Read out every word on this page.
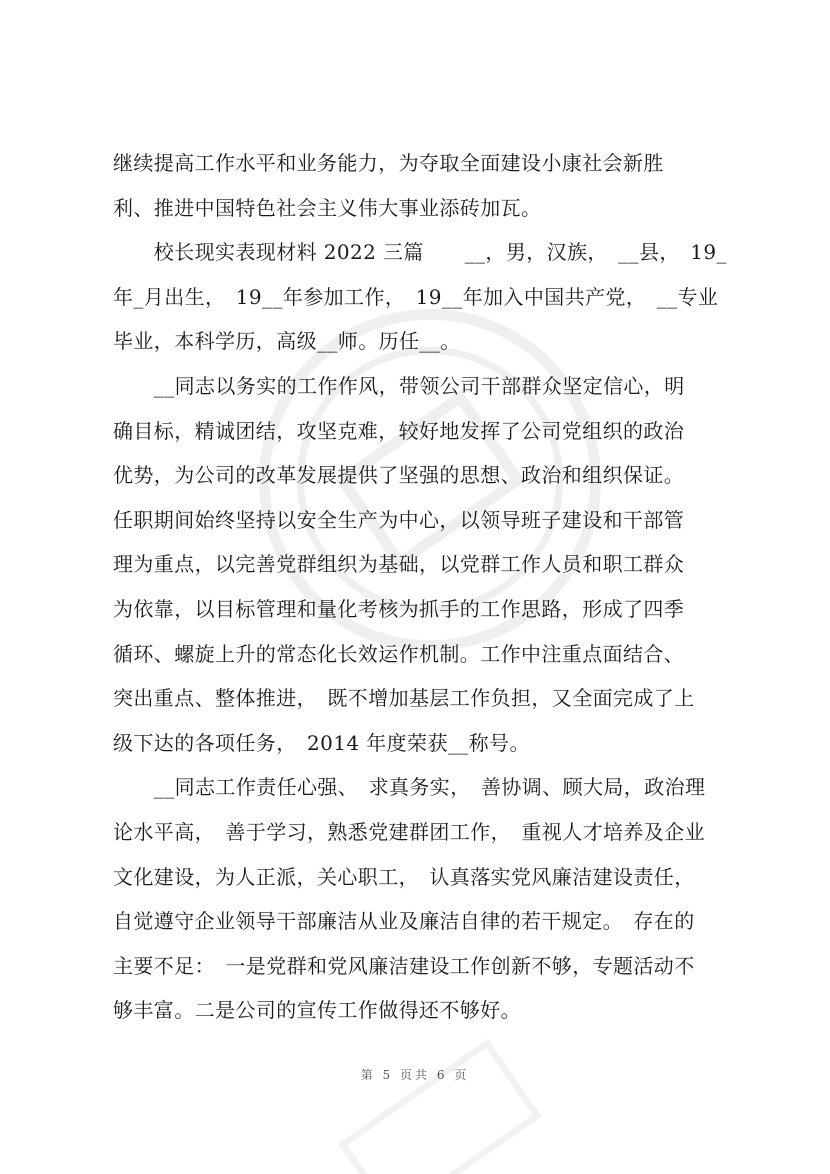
继续提高工作水平和业务能力，为夺取全面建设小康社会新胜
利、推进中国特色社会主义伟大事业添砖加瓦。
　　校长现实表现材料 2022 三篇　　__，男，汉族，　__县，　19_
年_月出生，　19__年参加工作，　19__年加入中国共产党，　__专业
毕业，本科学历，高级__师。历任__。
　　__同志以务实的工作作风，带领公司干部群众坚定信心，明
确目标，精诚团结，攻坚克难，较好地发挥了公司党组织的政治
优势，为公司的改革发展提供了坚强的思想、政治和组织保证。
任职期间始终坚持以安全生产为中心，以领导班子建设和干部管
理为重点，以完善党群组织为基础，以党群工作人员和职工群众
为依靠，以目标管理和量化考核为抓手的工作思路，形成了四季
循环、螺旋上升的常态化长效运作机制。工作中注重点面结合、
突出重点、整体推进，　既不增加基层工作负担，又全面完成了上
级下达的各项任务，　2014 年度荣获__称号。
　　__同志工作责任心强、　求真务实，　善协调、顾大局，政治理
论水平高，　善于学习，熟悉党建群团工作，　重视人才培养及企业
文化建设，为人正派，关心职工，　认真落实党风廉洁建设责任，
自觉遵守企业领导干部廉洁从业及廉洁自律的若干规定。　存在的
主要不足：　一是党群和党风廉洁建设工作创新不够，专题活动不
够丰富。二是公司的宣传工作做得还不够好。
第 5 页共 6 页
